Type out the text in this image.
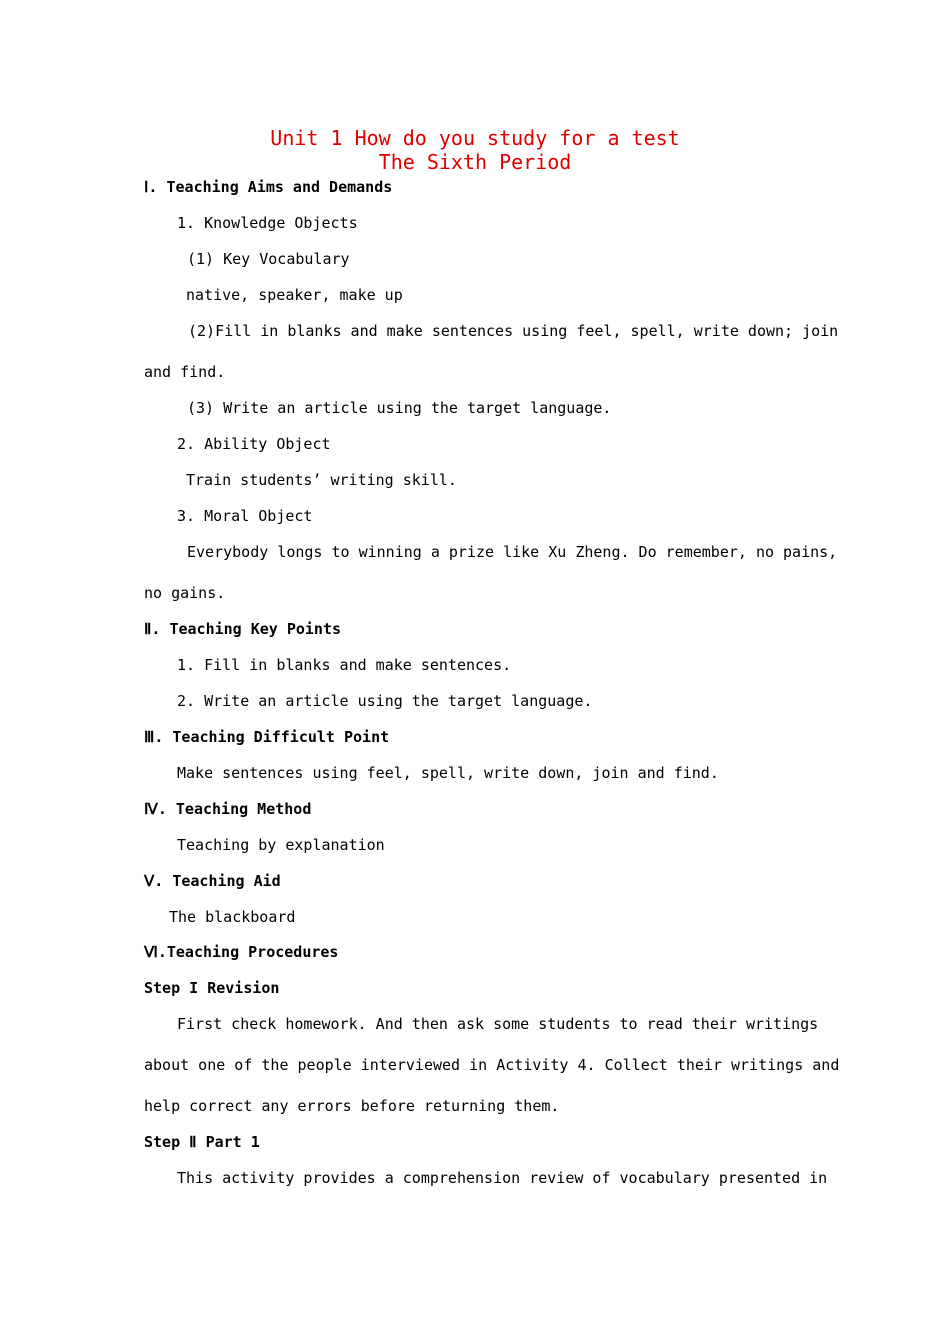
Unit 1 How do you study for a test
The Sixth Period
Ⅰ. Teaching Aims and Demands
1. Knowledge Objects
(1) Key Vocabulary
native, speaker, make up
(2)Fill in blanks and make sentences using feel, spell, write down; join
and find.
(3) Write an article using the target language.
2. Ability Object
Train students’ writing skill.
3. Moral Object
Everybody longs to winning a prize like Xu Zheng. Do remember, no pains,
no gains.
Ⅱ. Teaching Key Points
1. Fill in blanks and make sentences.
2. Write an article using the target language.
Ⅲ. Teaching Difficult Point
Make sentences using feel, spell, write down, join and find.
Ⅳ. Teaching Method
Teaching by explanation
Ⅴ. Teaching Aid
The blackboard
Ⅵ.Teaching Procedures
Step I Revision
First check homework. And then ask some students to read their writings
about one of the people interviewed in Activity 4. Collect their writings and
help correct any errors before returning them.
Step Ⅱ Part 1
This activity provides a comprehension review of vocabulary presented in
